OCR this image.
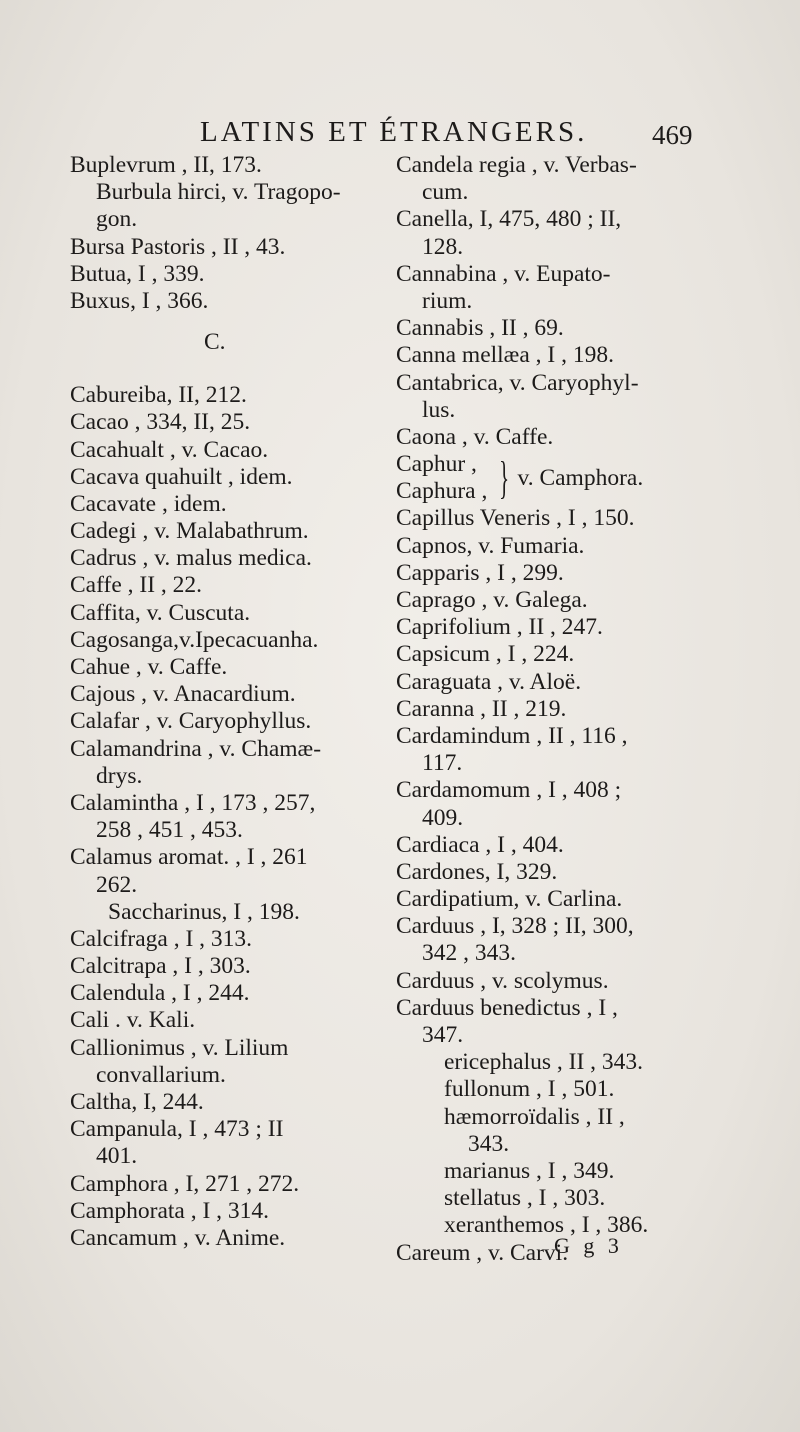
LATINS ET ÉTRANGERS.	469
Buplevrum , II, 173.
Burbula hirci, v. Tragopo-
gon.
Bursa Pastoris , II , 43.
Butua, I , 339.
Buxus, I , 366.
C.
Cabureiba, II, 212.
Cacao , 334, II, 25.
Cacahualt , v. Cacao.
Cacava quahuilt , idem.
Cacavate , idem.
Cadegi , v. Malabathrum.
Cadrus , v. malus medica.
Caffe , II , 22.
Caffita, v. Cuscuta.
Cagosanga,v.Ipecacuanha.
Cahue , v. Caffe.
Cajous , v. Anacardium.
Calafar , v. Caryophyllus.
Calamandrina , v. Chamæ-
drys.
Calamintha , I , 173 , 257,
258 , 451 , 453.
Calamus aromat. , I , 261
262.
Saccharinus, I , 198.
Calcifraga , I , 313.
Calcitrapa , I , 303.
Calendula , I , 244.
Cali . v. Kali.
Callionimus , v. Lilium
convallarium.
Caltha, I, 244.
Campanula, I , 473 ; II
401.
Camphora , I, 271 , 272.
Camphorata , I , 314.
Cancamum , v. Anime.
Candela regia , v. Verbas-
cum.
Canella, I, 475, 480 ; II,
128.
Cannabina , v. Eupato-
rium.
Cannabis , II , 69.
Canna mellæa , I , 198.
Cantabrica, v. Caryophyl-
lus.
Caona , v. Caffe.
Caphur ,
Caphura , } v. Camphora.
Capillus Veneris , I , 150.
Capnos, v. Fumaria.
Capparis , I , 299.
Caprago , v. Galega.
Caprifolium , II , 247.
Capsicum , I , 224.
Caraguata , v. Aloë.
Caranna , II , 219.
Cardamindum , II , 116 ,
117.
Cardamomum , I , 408 ;
409.
Cardiaca , I , 404.
Cardones, I, 329.
Cardipatium, v. Carlina.
Carduus , I, 328 ; II, 300,
342 , 343.
Carduus , v. scolymus.
Carduus benedictus , I ,
347.
ericephalus , II , 343.
fullonum , I , 501.
hæmorroïdalis , II ,
343.
marianus , I , 349.
stellatus , I , 303.
xeranthemos , I , 386.
Careum , v. Carvi.
G g 3
